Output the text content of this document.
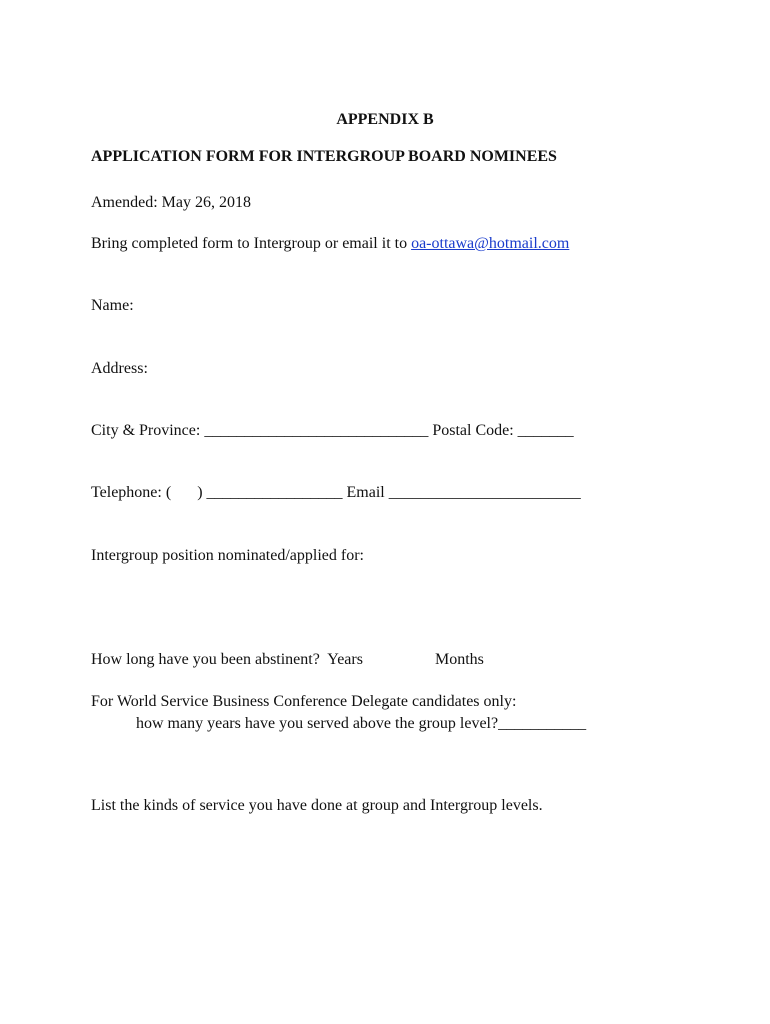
APPENDIX B
APPLICATION FORM FOR INTERGROUP BOARD NOMINEES
Amended: May 26, 2018
Bring completed form to Intergroup or email it to oa-ottawa@hotmail.com
Name:
Address:
City & Province: ____________________________ Postal Code: _______
Telephone: ( ) _________________ Email ________________________
Intergroup position nominated/applied for:
How long have you been abstinent?  Years	Months
For World Service Business Conference Delegate candidates only:
how many years have you served above the group level?___________
List the kinds of service you have done at group and Intergroup levels.
